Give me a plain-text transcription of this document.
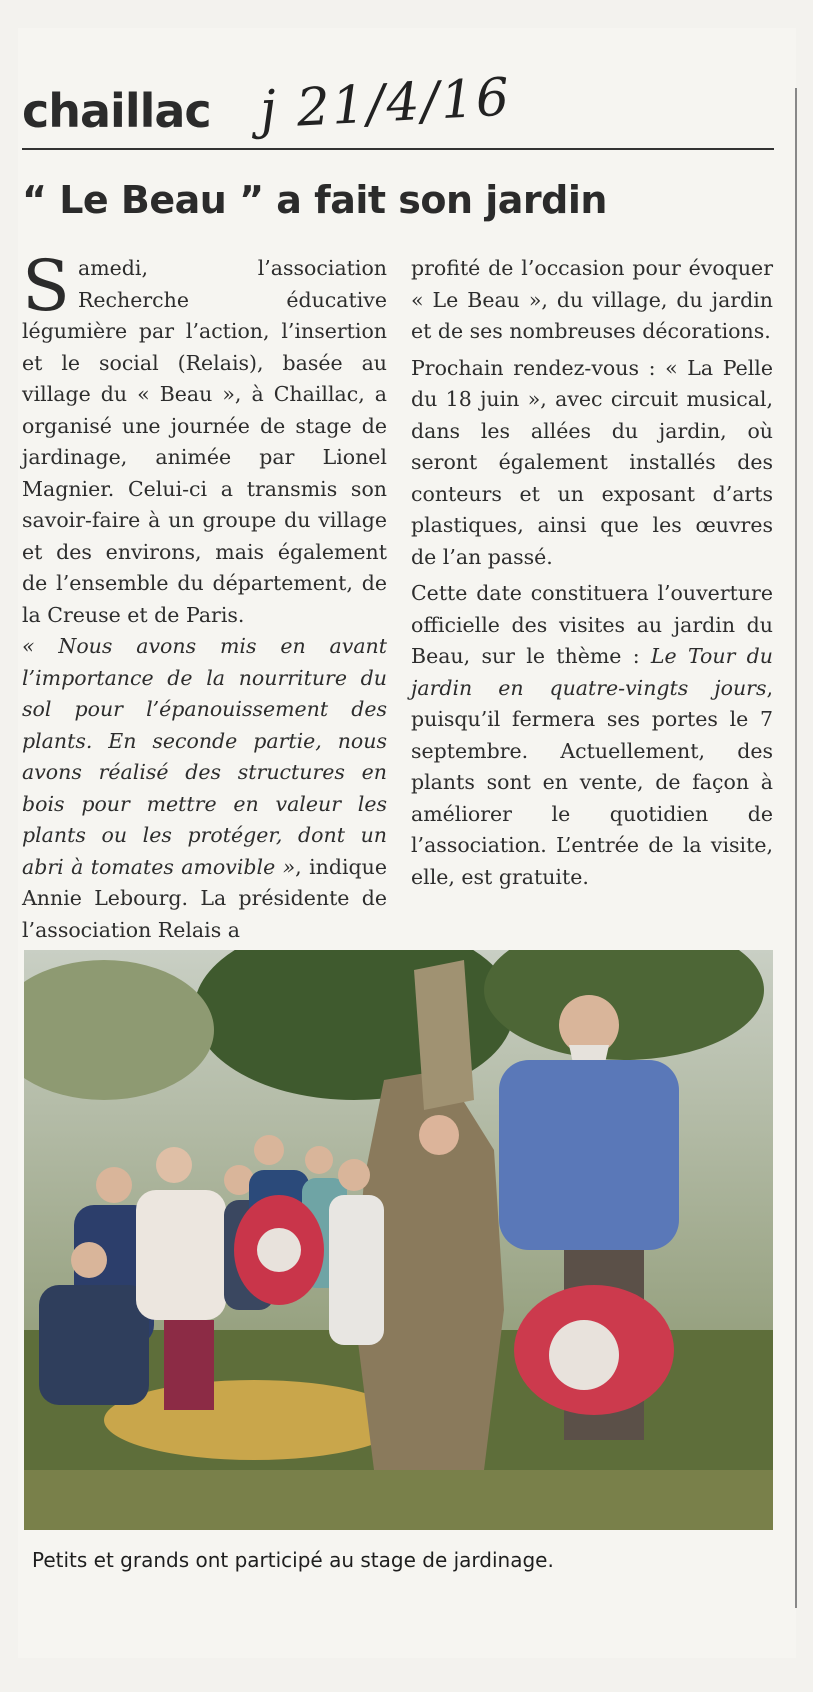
chaillac j 21/4/16
“ Le Beau ” a fait son jardin

Samedi, l’association Recherche éducative légumière par l’action, l’insertion et le social (Relais), basée au village du « Beau », à Chaillac, a organisé une journée de stage de jardinage, animée par Lionel Magnier. Celui-ci a transmis son savoir-faire à un groupe du village et des environs, mais également de l’ensemble du département, de la Creuse et de Paris.

« Nous avons mis en avant l’importance de la nourriture du sol pour l’épanouissement des plants. En seconde partie, nous avons réalisé des structures en bois pour mettre en valeur les plants ou les protéger, dont un abri à tomates amovible », indique Annie Lebourg. La présidente de l’association Relais a

profité de l’occasion pour évoquer « Le Beau », du village, du jardin et de ses nombreuses décorations.

Prochain rendez-vous : « La Pelle du 18 juin », avec circuit musical, dans les allées du jardin, où seront également installés des conteurs et un exposant d’arts plastiques, ainsi que les œuvres de l’an passé.

Cette date constituera l’ouverture officielle des visites au jardin du Beau, sur le thème : Le Tour du jardin en quatre-vingts jours, puisqu’il fermera ses portes le 7 septembre. Actuellement, des plants sont en vente, de façon à améliorer le quotidien de l’association. L’entrée de la visite, elle, est gratuite.

Petits et grands ont participé au stage de jardinage.
